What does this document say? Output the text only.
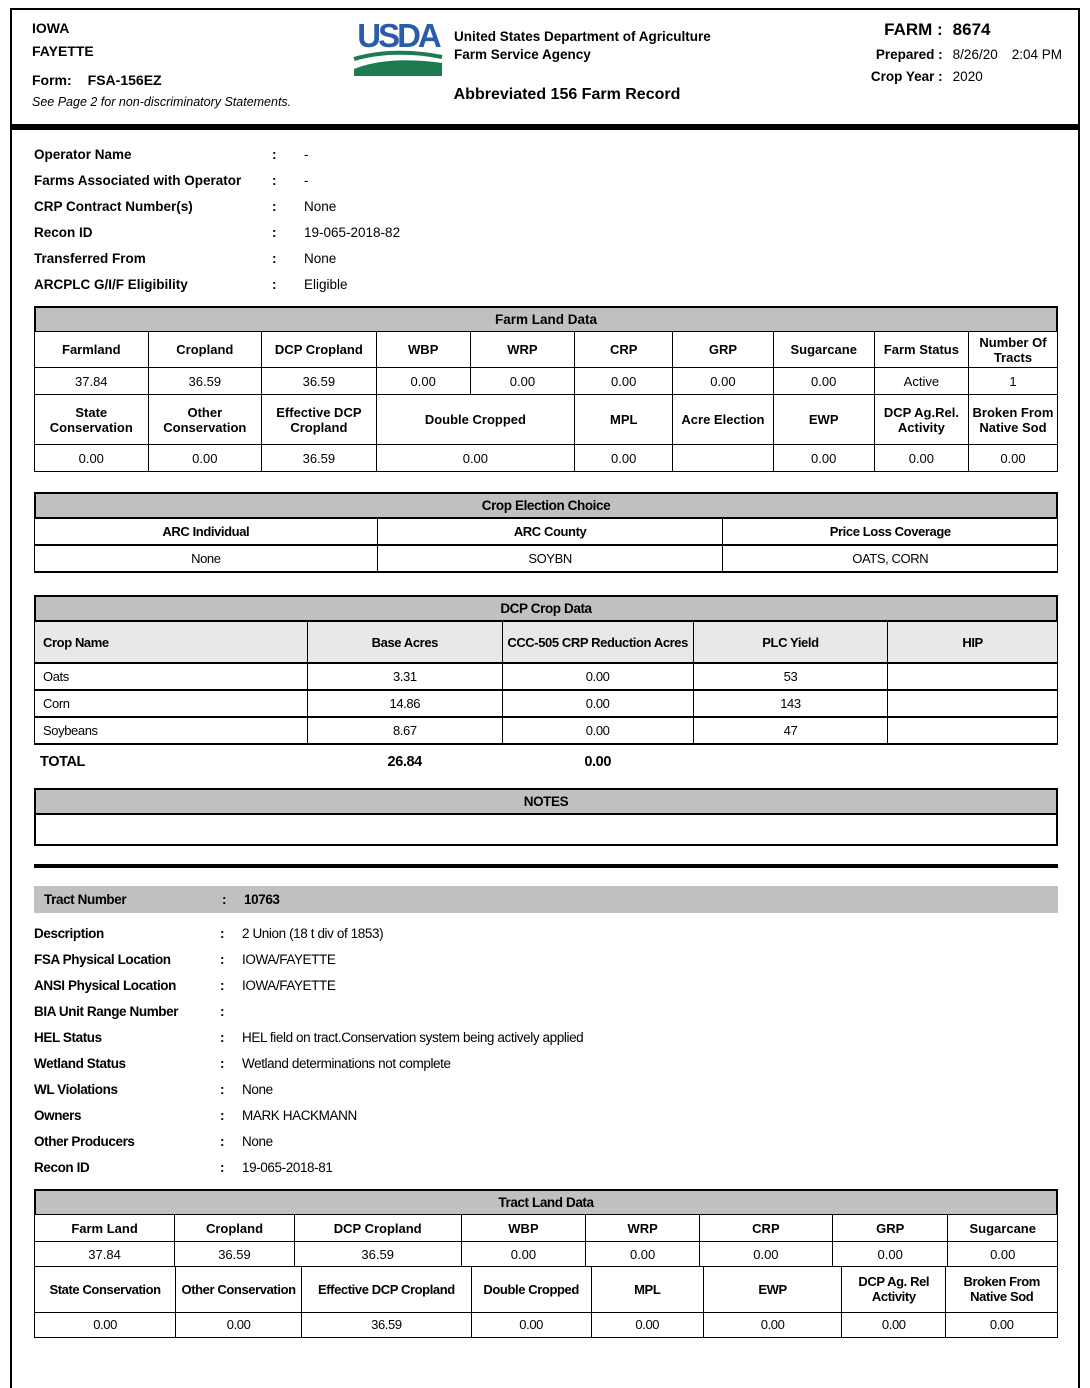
IOWA
FAYETTE
Form: FSA-156EZ
See Page 2 for non-discriminatory Statements.
USDA	United States Department of Agriculture
Farm Service Agency
Abbreviated 156 Farm Record
FARM : 8674
Prepared : 8/26/20 2:04 PM
Crop Year : 2020
Operator Name	:	-
Farms Associated with Operator	:	-
CRP Contract Number(s)	:	None
Recon ID	:	19-065-2018-82
Transferred From	:	None
ARCPLC G/I/F Eligibility	:	Eligible
Farm Land Data
Farmland	Cropland	DCP Cropland	WBP	WRP	CRP	GRP	Sugarcane	Farm Status	Number Of Tracts
37.84	36.59	36.59	0.00	0.00	0.00	0.00	0.00	Active	1
State Conservation	Other Conservation	Effective DCP Cropland	Double Cropped		MPL	Acre Election	EWP	DCP Ag.Rel. Activity	Broken From Native Sod
0.00	0.00	36.59	0.00		0.00		0.00	0.00	0.00
Crop Election Choice
ARC Individual	ARC County	Price Loss Coverage
None	SOYBN	OATS, CORN
DCP Crop Data
Crop Name	Base Acres	CCC-505 CRP Reduction Acres	PLC Yield	HIP
Oats	3.31	0.00	53	
Corn	14.86	0.00	143	
Soybeans	8.67	0.00	47	
TOTAL	26.84	0.00
NOTES
Tract Number	:	10763
Description	:	2 Union (18 t div of 1853)
FSA Physical Location	:	IOWA/FAYETTE
ANSI Physical Location	:	IOWA/FAYETTE
BIA Unit Range Number	:
HEL Status	:	HEL field on tract.Conservation system being actively applied
Wetland Status	:	Wetland determinations not complete
WL Violations	:	None
Owners	:	MARK HACKMANN
Other Producers	:	None
Recon ID	:	19-065-2018-81
Tract Land Data
Farm Land	Cropland	DCP Cropland	WBP	WRP	CRP	GRP	Sugarcane
37.84	36.59	36.59	0.00	0.00	0.00	0.00	0.00
State Conservation	Other Conservation	Effective DCP Cropland	Double Cropped	MPL	EWP	DCP Ag. Rel Activity	Broken From Native Sod
0.00	0.00	36.59	0.00	0.00	0.00	0.00	0.00
